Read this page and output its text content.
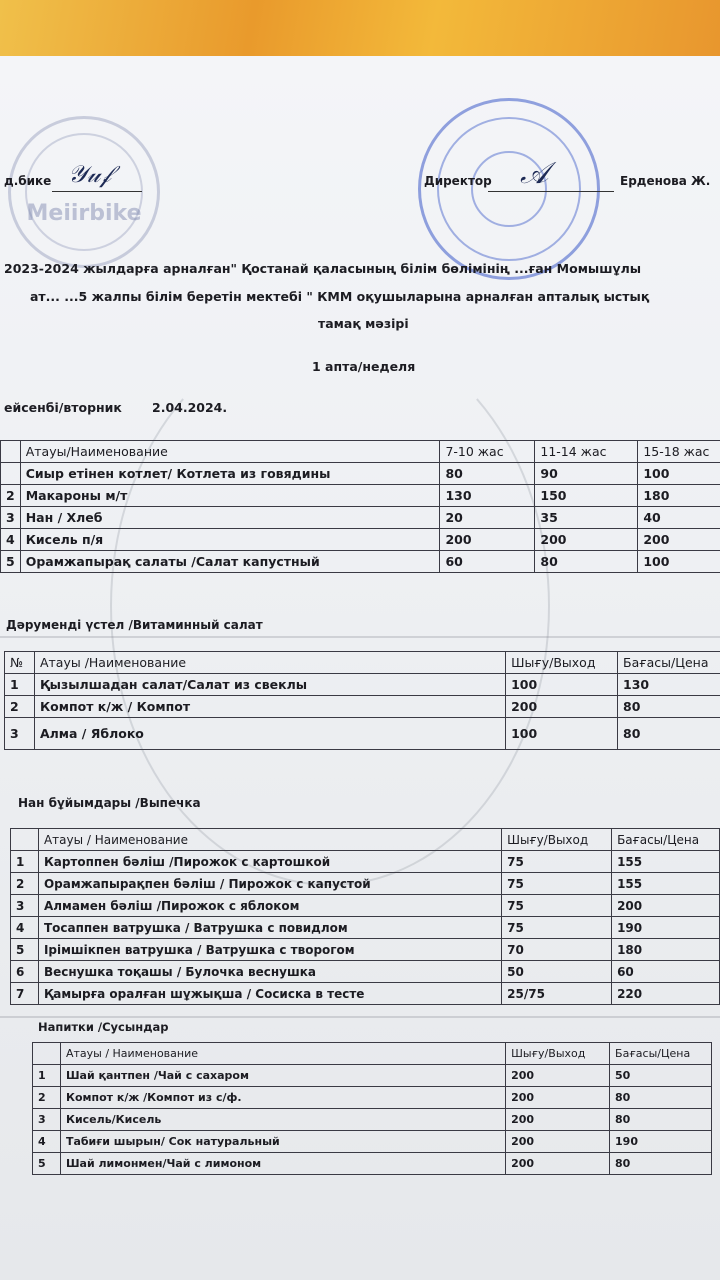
Meiirbike
д.бике 𝒴𝓊𝒻	Директор 𝒜	Ерденова Ж.
2023-2024 жылдарға арналған" Қостанай қаласының білім бөлімінің ...ған Момышұлы
ат... ...5 жалпы білім беретін мектебі " КММ оқушыларына арналған апталық ыстық
тамақ мәзірі
1 апта/неделя
ейсенбі/вторник 2.04.2024.
	Атауы/Наименование	7-10 жас	11-14 жас	15-18 жас
	Сиыр етінен котлет/ Котлета из говядины	80	90	100
2	Макароны м/т	130	150	180
3	Нан / Хлеб	20	35	40
4	Кисель п/я	200	200	200
5	Орамжапырақ салаты /Салат капустный	60	80	100
Дәрумендi үстел /Витаминный салат
№	Атауы /Наименование	Шығу/Выход	Бағасы/Цена
1	Қызылшадан салат/Салат из свеклы	100	130
2	Компот к/ж / Компот	200	80
3	Алма / Яблоко	100	80
Нан бұйымдары /Выпечка
	Атауы / Наименование	Шығу/Выход	Бағасы/Цена
1	Картоппен бәліш /Пирожок с картошкой	75	155
2	Орамжапырақпен бәліш / Пирожок с капустой	75	155
3	Алмамен бәліш /Пирожок с яблоком	75	200
4	Тосаппен ватрушка / Ватрушка с повидлом	75	190
5	Ірімшікпен ватрушка / Ватрушка с творогом	70	180
6	Веснушка тоқашы / Булочка веснушка	50	60
7	Қамырға оралған шұжықша / Сосиска в тесте	25/75	220
Напитки /Сусындар
	Атауы / Наименование	Шығу/Выход	Бағасы/Цена
1	Шай қантпен /Чай с сахаром	200	50
2	Компот к/ж /Компот из с/ф.	200	80
3	Кисель/Кисель	200	80
4	Табиғи шырын/ Сок натуральный	200	190
5	Шай лимонмен/Чай с лимоном	200	80
